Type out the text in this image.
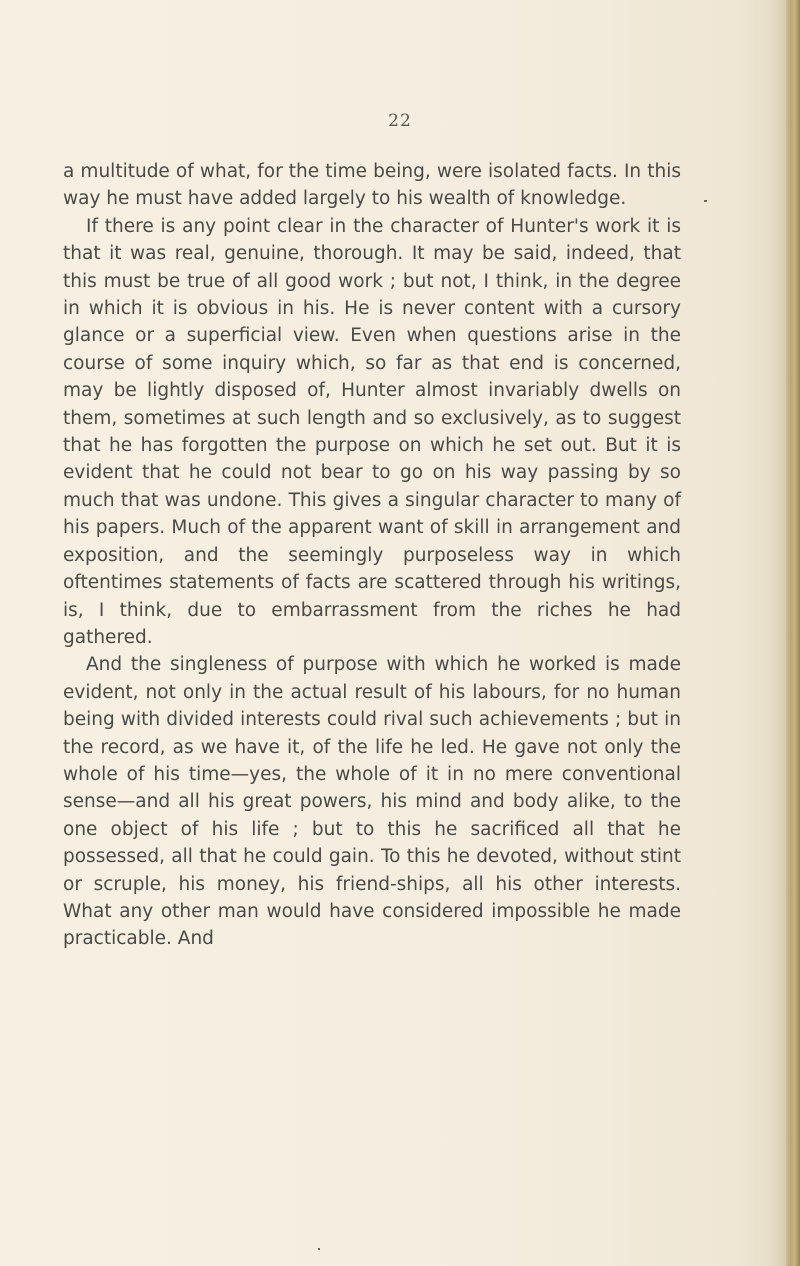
22

a multitude of what, for the time being, were isolated facts. In this way he must have added largely to his wealth of knowledge.

If there is any point clear in the character of Hunter's work it is that it was real, genuine, thorough. It may be said, indeed, that this must be true of all good work ; but not, I think, in the degree in which it is obvious in his. He is never content with a cursory glance or a superficial view. Even when questions arise in the course of some inquiry which, so far as that end is concerned, may be lightly disposed of, Hunter almost invariably dwells on them, sometimes at such length and so exclusively, as to suggest that he has forgotten the purpose on which he set out. But it is evident that he could not bear to go on his way passing by so much that was undone. This gives a singular character to many of his papers. Much of the apparent want of skill in arrangement and exposition, and the seemingly purposeless way in which oftentimes statements of facts are scattered through his writings, is, I think, due to embarrassment from the riches he had gathered.

And the singleness of purpose with which he worked is made evident, not only in the actual result of his labours, for no human being with divided interests could rival such achievements ; but in the record, as we have it, of the life he led. He gave not only the whole of his time—yes, the whole of it in no mere conventional sense—and all his great powers, his mind and body alike, to the one object of his life ; but to this he sacrificed all that he possessed, all that he could gain. To this he devoted, without stint or scruple, his money, his friend-ships, all his other interests. What any other man would have considered impossible he made practicable. And
